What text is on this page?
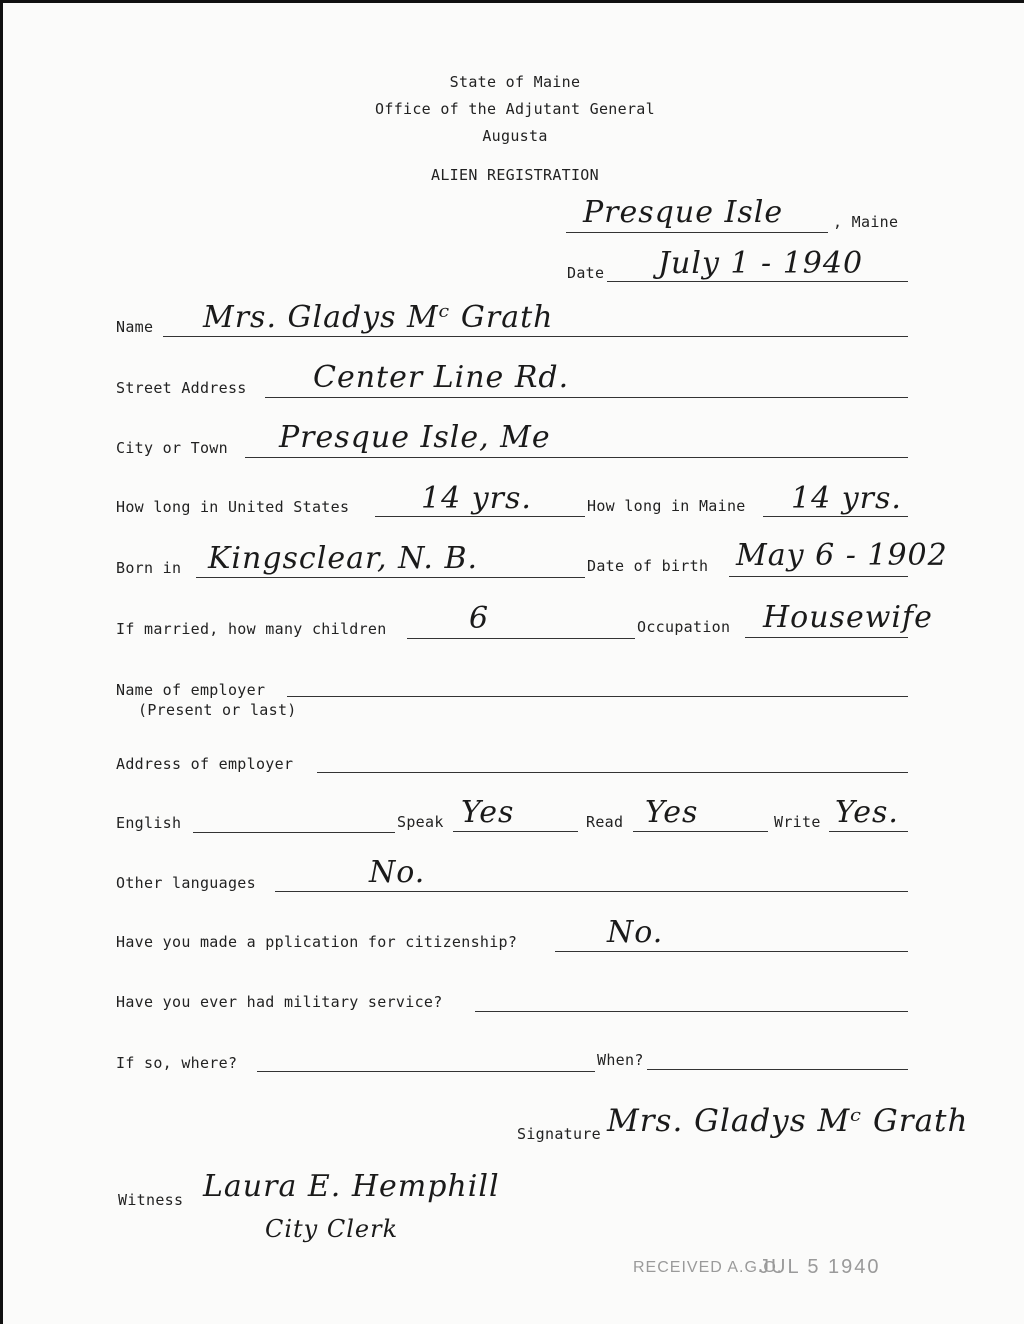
State of Maine
Office of the Adjutant General
Augusta
ALIEN REGISTRATION
Presque Isle	, Maine
Date July 1 - 1940
Name Mrs. Gladys Mᶜ Grath
Street Address Center Line Rd.
City or Town Presque Isle, Me
How long in United States 14 yrs.	How long in Maine 14 yrs.
Born in Kingsclear, N. B.	Date of birth May 6 - 1902
If married, how many children	6	Occupation Housewife
Name of employer
(Present or last)
Address of employer
English	Speak Yes	Read Yes	Write Yes.
Other languages	No.
Have you made a pplication for citizenship?	No.
Have you ever had military service?
If so, where?	When?
Signature Mrs. Gladys Mᶜ Grath
Witness Laura E. Hemphill
City Clerk
RECEIVED A.G.O.
JUL 5 1940
